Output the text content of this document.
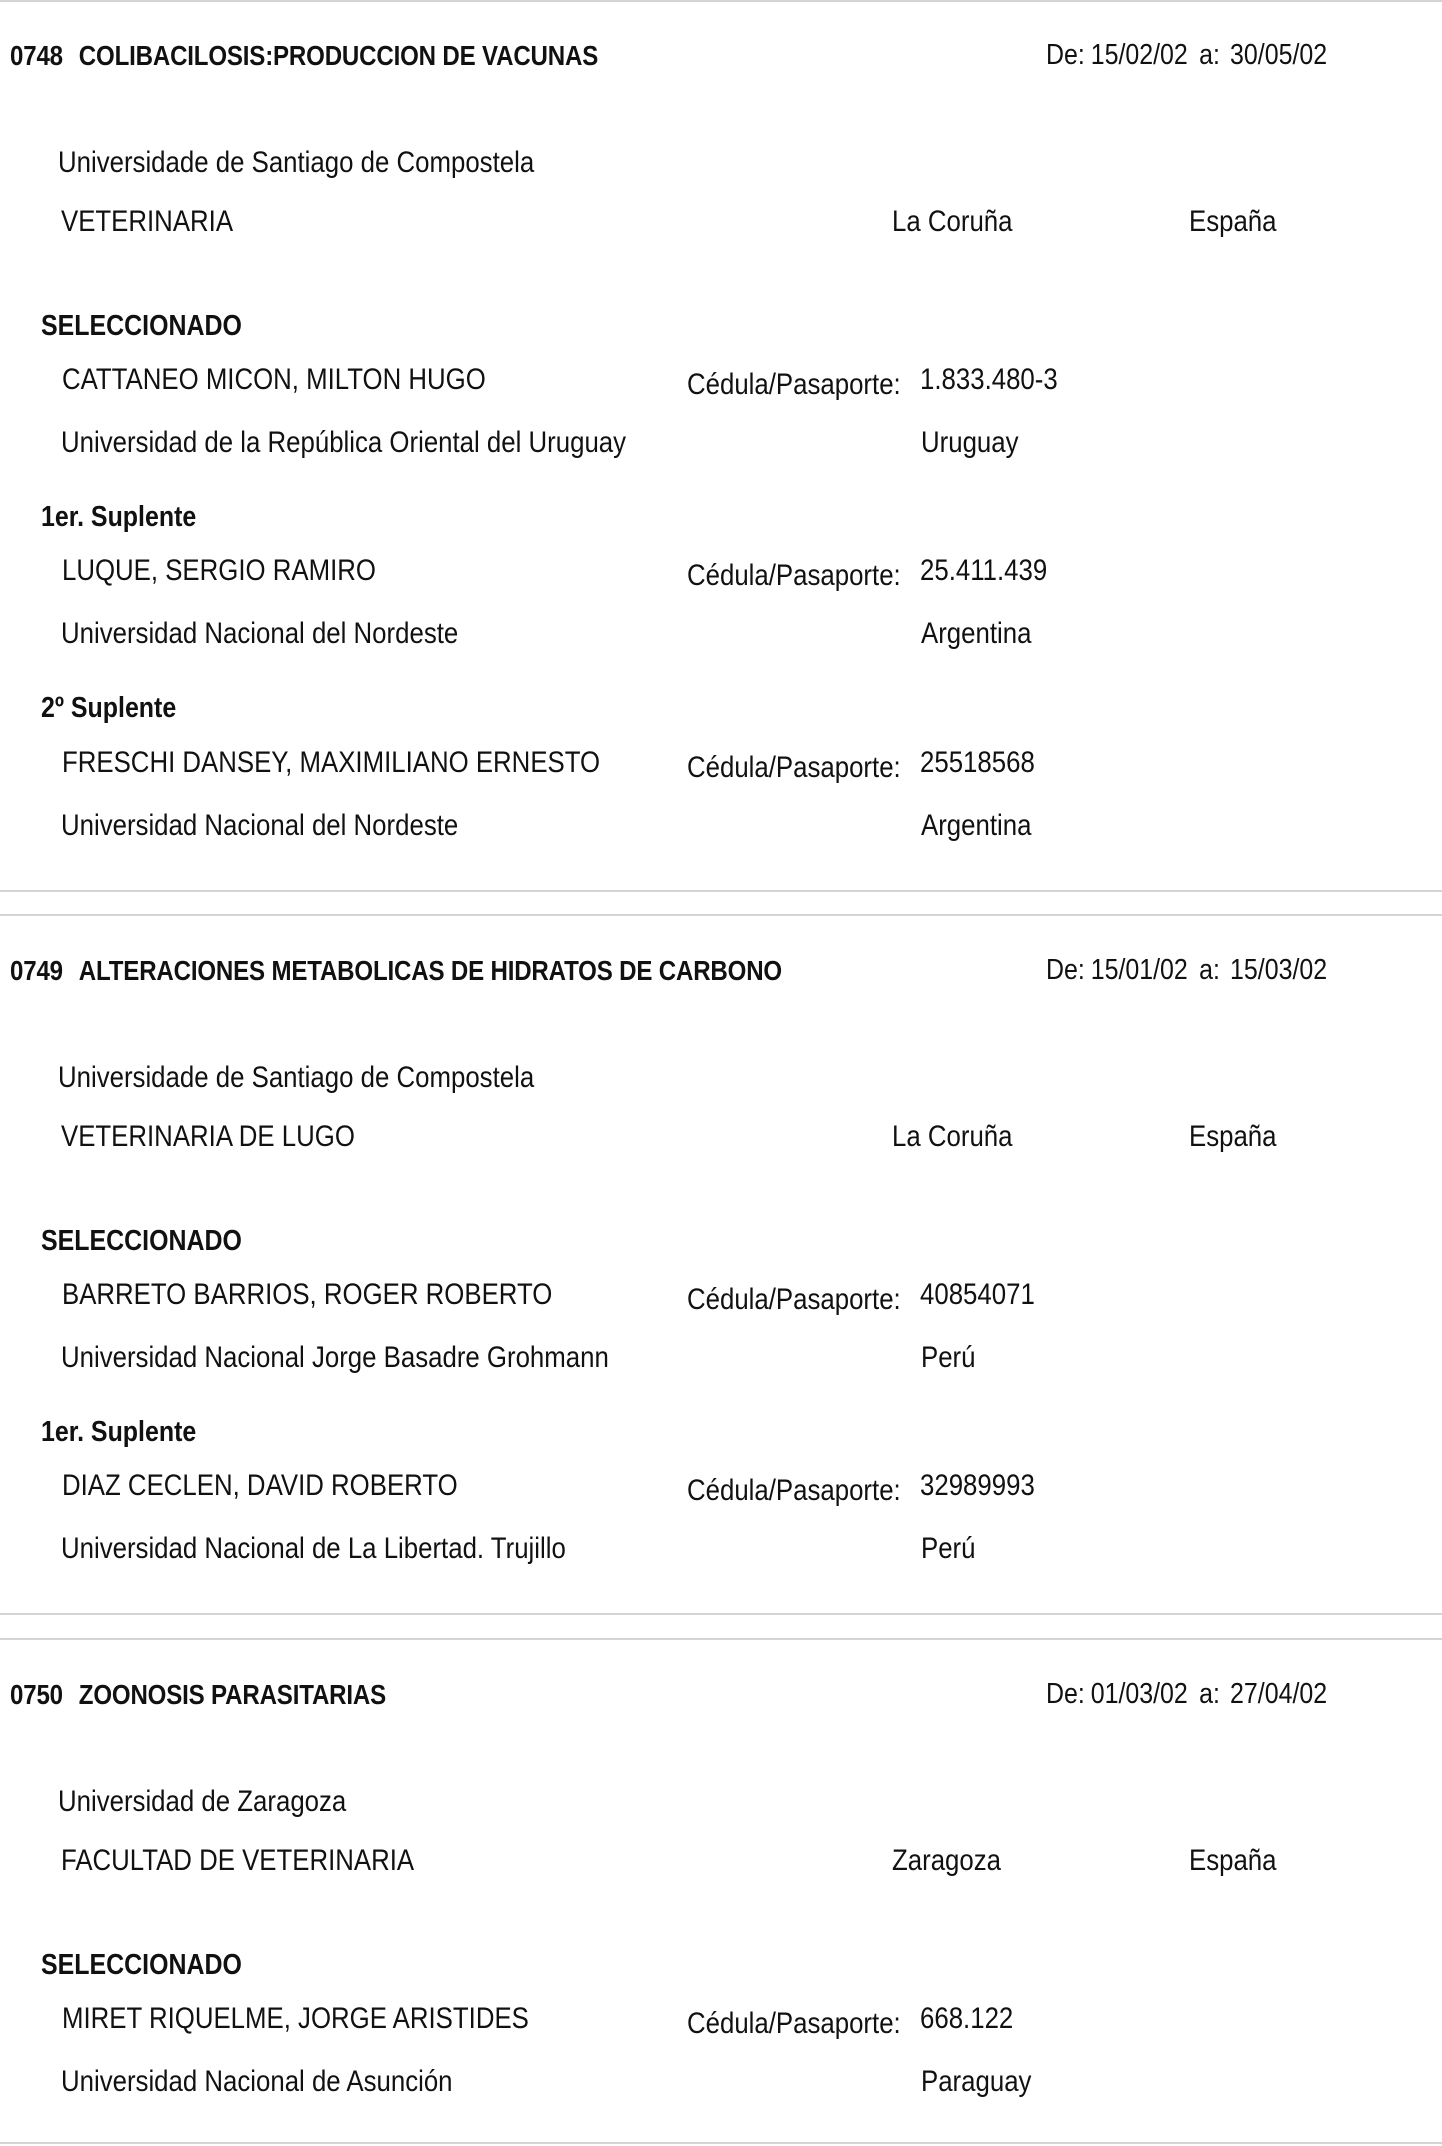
0748 COLIBACILOSIS:PRODUCCION DE VACUNAS	De: 15/02/02 a: 30/05/02
Universidade de Santiago de Compostela
VETERINARIA	La Coruña	España
SELECCIONADO
CATTANEO MICON, MILTON HUGO	Cédula/Pasaporte: 1.833.480-3
Universidad de la República Oriental del Uruguay	Uruguay
1er. Suplente
LUQUE, SERGIO RAMIRO	Cédula/Pasaporte: 25.411.439
Universidad Nacional del Nordeste	Argentina
2º Suplente
FRESCHI DANSEY, MAXIMILIANO ERNESTO	Cédula/Pasaporte: 25518568
Universidad Nacional del Nordeste	Argentina
0749 ALTERACIONES METABOLICAS DE HIDRATOS DE CARBONO	De: 15/01/02 a: 15/03/02
Universidade de Santiago de Compostela
VETERINARIA DE LUGO	La Coruña	España
SELECCIONADO
BARRETO BARRIOS, ROGER ROBERTO	Cédula/Pasaporte: 40854071
Universidad Nacional Jorge Basadre Grohmann	Perú
1er. Suplente
DIAZ CECLEN, DAVID ROBERTO	Cédula/Pasaporte: 32989993
Universidad Nacional de La Libertad. Trujillo	Perú
0750 ZOONOSIS PARASITARIAS	De: 01/03/02 a: 27/04/02
Universidad de Zaragoza
FACULTAD DE VETERINARIA	Zaragoza	España
SELECCIONADO
MIRET RIQUELME, JORGE ARISTIDES	Cédula/Pasaporte: 668.122
Universidad Nacional de Asunción	Paraguay
